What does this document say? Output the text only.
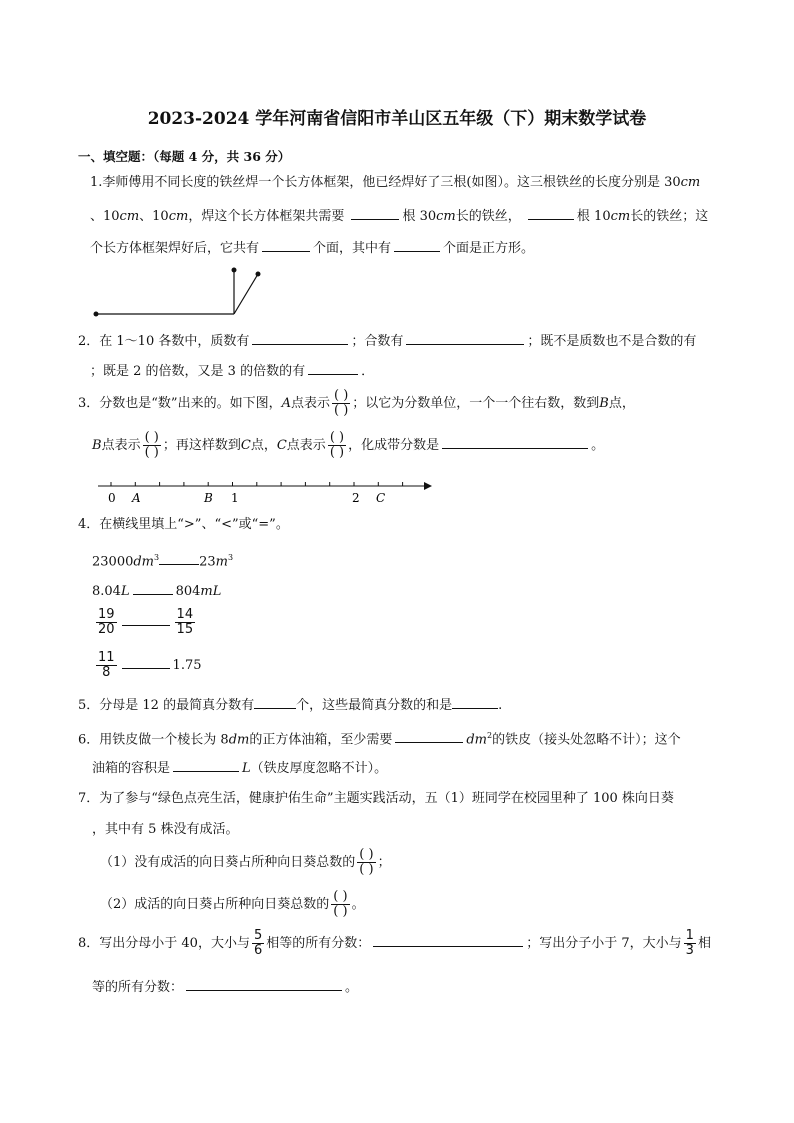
2023-2024 学年河南省信阳市羊山区五年级（下）期末数学试卷
一、填空题：（每题 4 分，共 36 分）
1.李师傅用不同长度的铁丝焊一个长方体框架，他已经焊好了三根(如图）。这三根铁丝的长度分别是 30cm
、10cm、10cm，焊这个长方体框架共需要	根 30cm长的铁丝，	根 10cm长的铁丝；这
个长方体框架焊好后，它共有	个面，其中有	个面是正方形。
2．在 1～10 各数中，质数有	；合数有	；既不是质数也不是合数的有
；既是 2 的倍数，又是 3 的倍数的有	．
3．分数也是“数”出来的。如下图，A点表示 $\frac{( )}{( )}$ ；以它为分数单位，一个一个往右数，数到B点，
B点表示 $\frac{( )}{( )}$ ；再这样数到C点，C点表示 $\frac{( )}{( )}$ ，化成带分数是	。
0 A	B 1	2 C
4．在横线里填上“>”、“<”或“=”。
$23000dm^3$	$23m^3$
8.04L	804mL
$\frac{19}{20}$	$\frac{14}{15}$
$\frac{11}{8}$	1.75
5．分母是 12 的最简真分数有	个，这些最简真分数的和是	.
6．用铁皮做一个棱长为 8dm的正方体油箱，至少需要	$dm^2$的铁皮（接头处忽略不计）；这个
油箱的容积是	L（铁皮厚度忽略不计）。
7．为了参与“绿色点亮生活，健康护佑生命”主题实践活动，五（1）班同学在校园里种了 100 株向日葵
，其中有 5 株没有成活。
（1）没有成活的向日葵占所种向日葵总数的 $\frac{( )}{( )}$ ；
（2）成活的向日葵占所种向日葵总数的 $\frac{( )}{( )}$ 。
8．写出分母小于 40，大小与 $\frac{5}{6}$ 相等的所有分数：	；写出分子小于 7，大小与 $\frac{1}{3}$ 相
等的所有分数：	。
